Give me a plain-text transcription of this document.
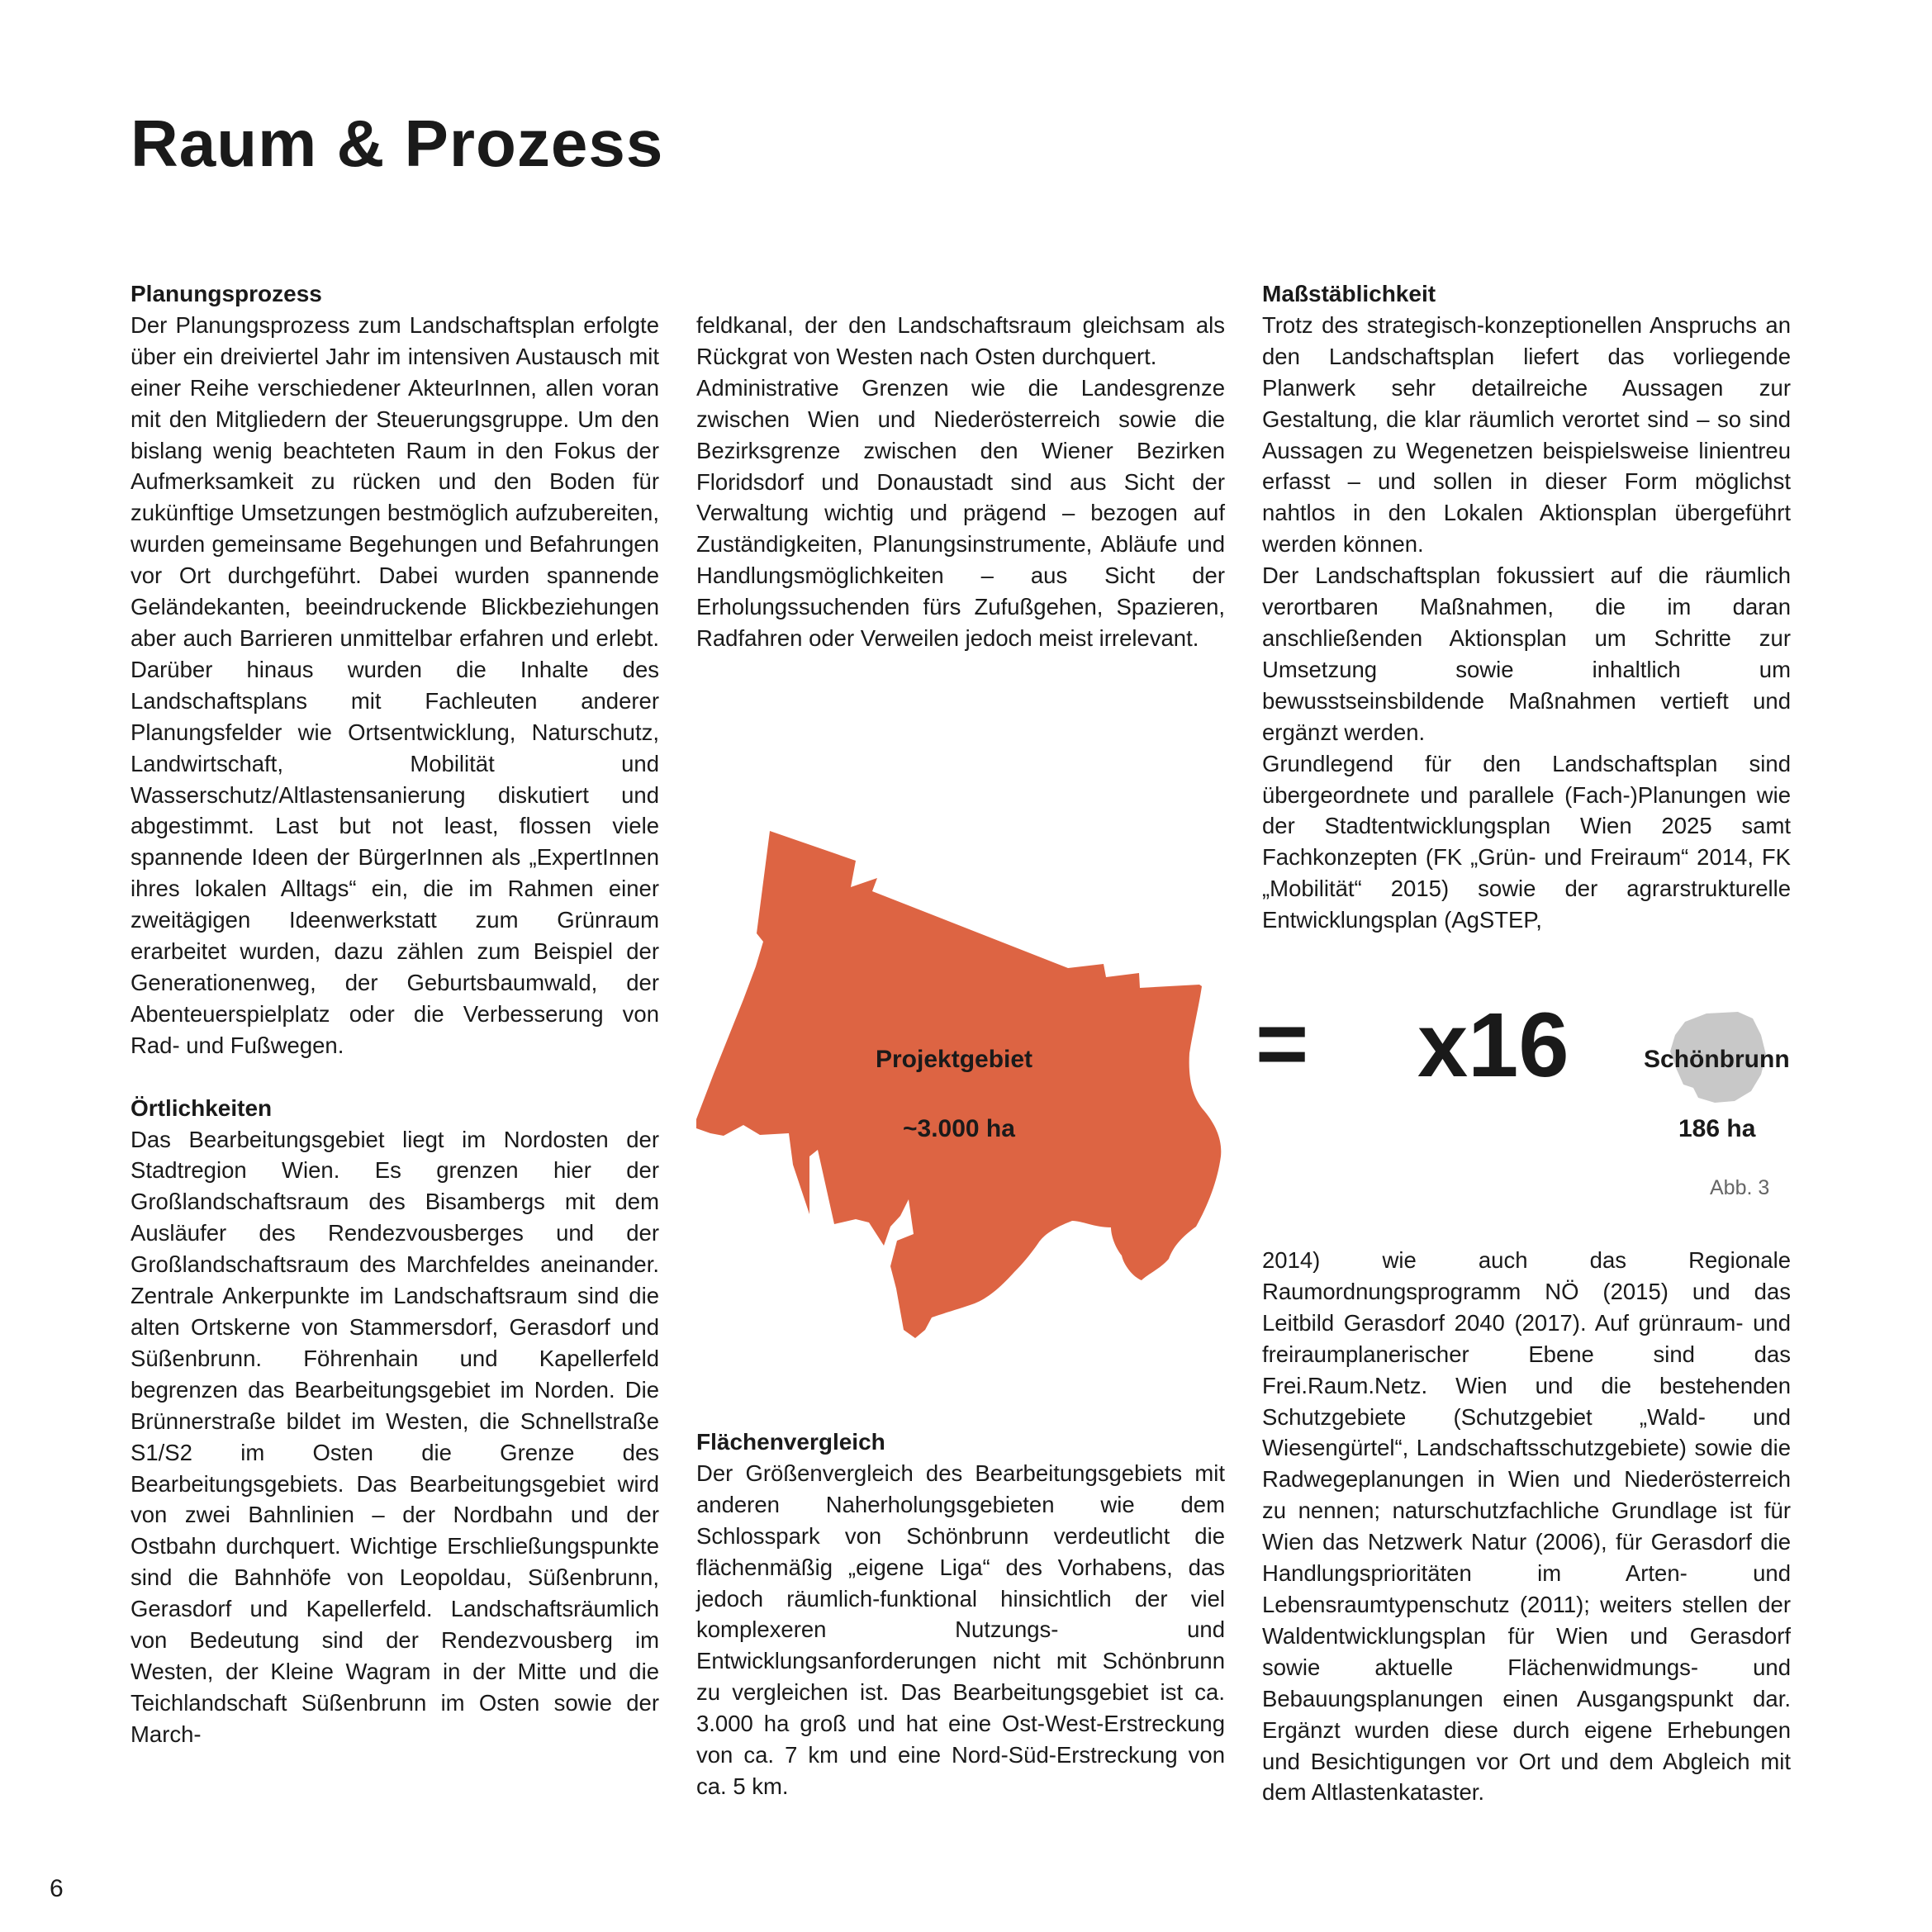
Raum & Prozess
Planungsprozess

Der Planungsprozess zum Landschaftsplan erfolgte über ein dreiviertel Jahr im intensiven Austausch mit einer Reihe verschiedener AkteurInnen, allen voran mit den Mitgliedern der Steuerungsgruppe. Um den bislang wenig beachteten Raum in den Fokus der Aufmerksamkeit zu rücken und den Boden für zukünftige Umsetzungen bestmöglich aufzubereiten, wurden gemeinsame Begehungen und Befahrungen vor Ort durchgeführt. Dabei wurden spannende Geländekanten, beeindruckende Blickbeziehungen aber auch Barrieren unmittelbar erfahren und erlebt. Darüber hinaus wurden die Inhalte des Landschaftsplans mit Fachleuten anderer Planungsfelder wie Ortsentwicklung, Naturschutz, Landwirtschaft, Mobilität und Wasserschutz/Altlastensanierung diskutiert und abgestimmt. Last but not least, flossen viele spannende Ideen der BürgerInnen als „ExpertInnen ihres lokalen Alltags“ ein, die im Rahmen einer zweitägigen Ideenwerkstatt zum Grünraum erarbeitet wurden, dazu zählen zum Beispiel der Generationenweg, der Geburtsbaumwald, der Abenteuerspielplatz oder die Verbesserung von Rad- und Fußwegen.

Örtlichkeiten

Das Bearbeitungsgebiet liegt im Nordosten der Stadtregion Wien. Es grenzen hier der Großlandschaftsraum des Bisambergs mit dem Ausläufer des Rendezvousberges und der Großlandschaftsraum des Marchfeldes aneinander. Zentrale Ankerpunkte im Landschaftsraum sind die alten Ortskerne von Stammersdorf, Gerasdorf und Süßenbrunn. Föhrenhain und Kapellerfeld begrenzen das Bearbeitungsgebiet im Norden. Die Brünnerstraße bildet im Westen, die Schnellstraße S1/S2 im Osten die Grenze des Bearbeitungsgebiets. Das Bearbeitungsgebiet wird von zwei Bahnlinien – der Nordbahn und der Ostbahn durchquert. Wichtige Erschließungspunkte sind die Bahnhöfe von Leopoldau, Süßenbrunn, Gerasdorf und Kapellerfeld. Landschaftsräumlich von Bedeutung sind der Rendezvousberg im Westen, der Kleine Wagram in der Mitte und die Teichlandschaft Süßenbrunn im Osten sowie der March-

feldkanal, der den Landschaftsraum gleichsam als Rückgrat von Westen nach Osten durchquert.

Administrative Grenzen wie die Landesgrenze zwischen Wien und Niederösterreich sowie die Bezirksgrenze zwischen den Wiener Bezirken Floridsdorf und Donaustadt sind aus Sicht der Verwaltung wichtig und prägend – bezogen auf Zuständigkeiten, Planungsinstrumente, Abläufe und Handlungsmöglichkeiten – aus Sicht der Erholungssuchenden fürs Zufußgehen, Spazieren, Radfahren oder Verweilen jedoch meist irrelevant.

Flächenvergleich

Der Größenvergleich des Bearbeitungsgebiets mit anderen Naherholungsgebieten wie dem Schlosspark von Schönbrunn verdeutlicht die flächenmäßig „eigene Liga“ des Vorhabens, das jedoch räumlich-funktional hinsichtlich der viel komplexeren Nutzungs- und Entwicklungsanforderungen nicht mit Schönbrunn zu vergleichen ist. Das Bearbeitungsgebiet ist ca. 3.000 ha groß und hat eine Ost-West-Erstreckung von ca. 7 km und eine Nord-Süd-Erstreckung von ca. 5 km.

Maßstäblichkeit

Trotz des strategisch-konzeptionellen Anspruchs an den Landschaftsplan liefert das vorliegende Planwerk sehr detailreiche Aussagen zur Gestaltung, die klar räumlich verortet sind – so sind Aussagen zu Wegenetzen beispielsweise linientreu erfasst – und sollen in dieser Form möglichst nahtlos in den Lokalen Aktionsplan übergeführt werden können.

Der Landschaftsplan fokussiert auf die räumlich verortbaren Maßnahmen, die im daran anschließenden Aktionsplan um Schritte zur Umsetzung sowie inhaltlich um bewusstseinsbildende Maßnahmen vertieft und ergänzt werden.

Grundlegend für den Landschaftsplan sind übergeordnete und parallele (Fach-)Planungen wie der Stadtentwicklungsplan Wien 2025 samt Fachkonzepten (FK „Grün- und Freiraum“ 2014, FK „Mobilität“ 2015) sowie der agrarstrukturelle Entwicklungsplan (AgSTEP,

2014) wie auch das Regionale Raumordnungsprogramm NÖ (2015) und das Leitbild Gerasdorf 2040 (2017). Auf grünraum- und freiraumplanerischer Ebene sind das Frei.Raum.Netz. Wien und die bestehenden Schutzgebiete (Schutzgebiet „Wald- und Wiesengürtel“, Landschaftsschutzgebiete) sowie die Radwegeplanungen in Wien und Niederösterreich zu nennen; naturschutzfachliche Grundlage ist für Wien das Netzwerk Natur (2006), für Gerasdorf die Handlungsprioritäten im Arten- und Lebensraumtypenschutz (2011); weiters stellen der Waldentwicklungsplan für Wien und Gerasdorf sowie aktuelle Flächenwidmungs- und Bebauungsplanungen einen Ausgangspunkt dar. Ergänzt wurden diese durch eigene Erhebungen und Besichtigungen vor Ort und dem Abgleich mit dem Altlastenkataster.

Projektgebiet
~3.000 ha
= x16	Schönbrunn
186 ha
Abb. 3
6
